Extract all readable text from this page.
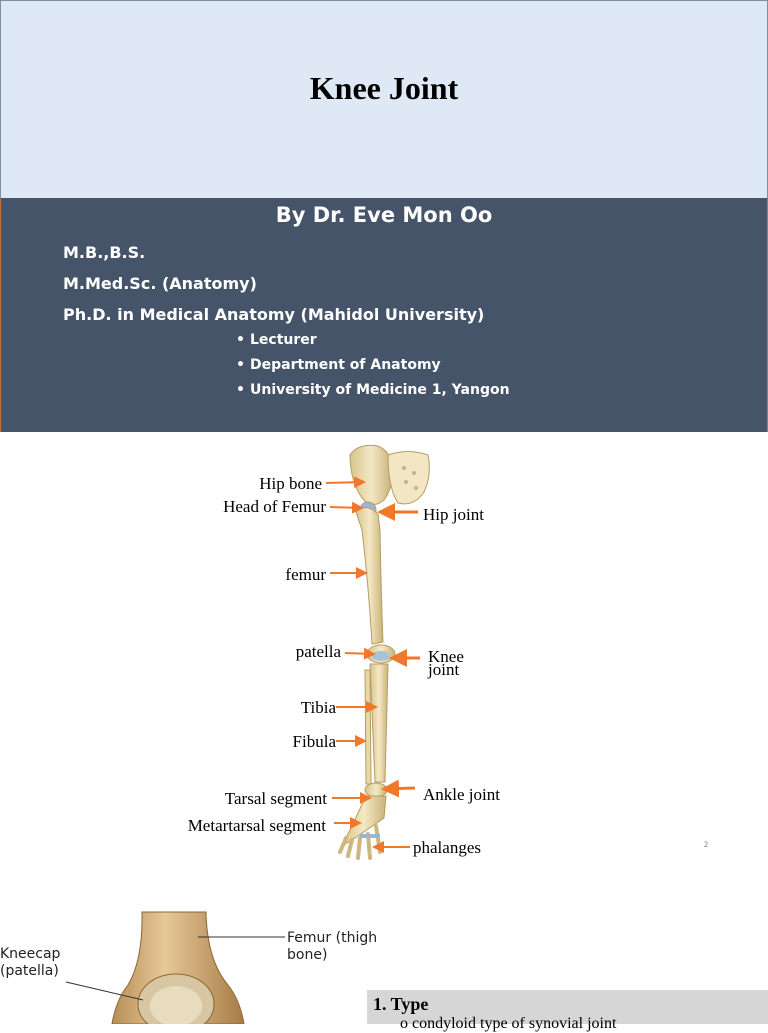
Knee Joint
By Dr. Eve Mon Oo
M.B.,B.S.
M.Med.Sc. (Anatomy)
Ph.D. in Medical Anatomy (Mahidol University)
• Lecturer
• Department of Anatomy
• University of Medicine 1, Yangon
Hip bone
Head of Femur	Hip joint
femur
patella	Knee joint
Tibia
Fibula
Ankle joint
Tarsal segment
Metartarsal segment
phalanges	2
Kneecap (patella)
Femur (thigh bone)
1. Type
o condyloid type of synovial joint
